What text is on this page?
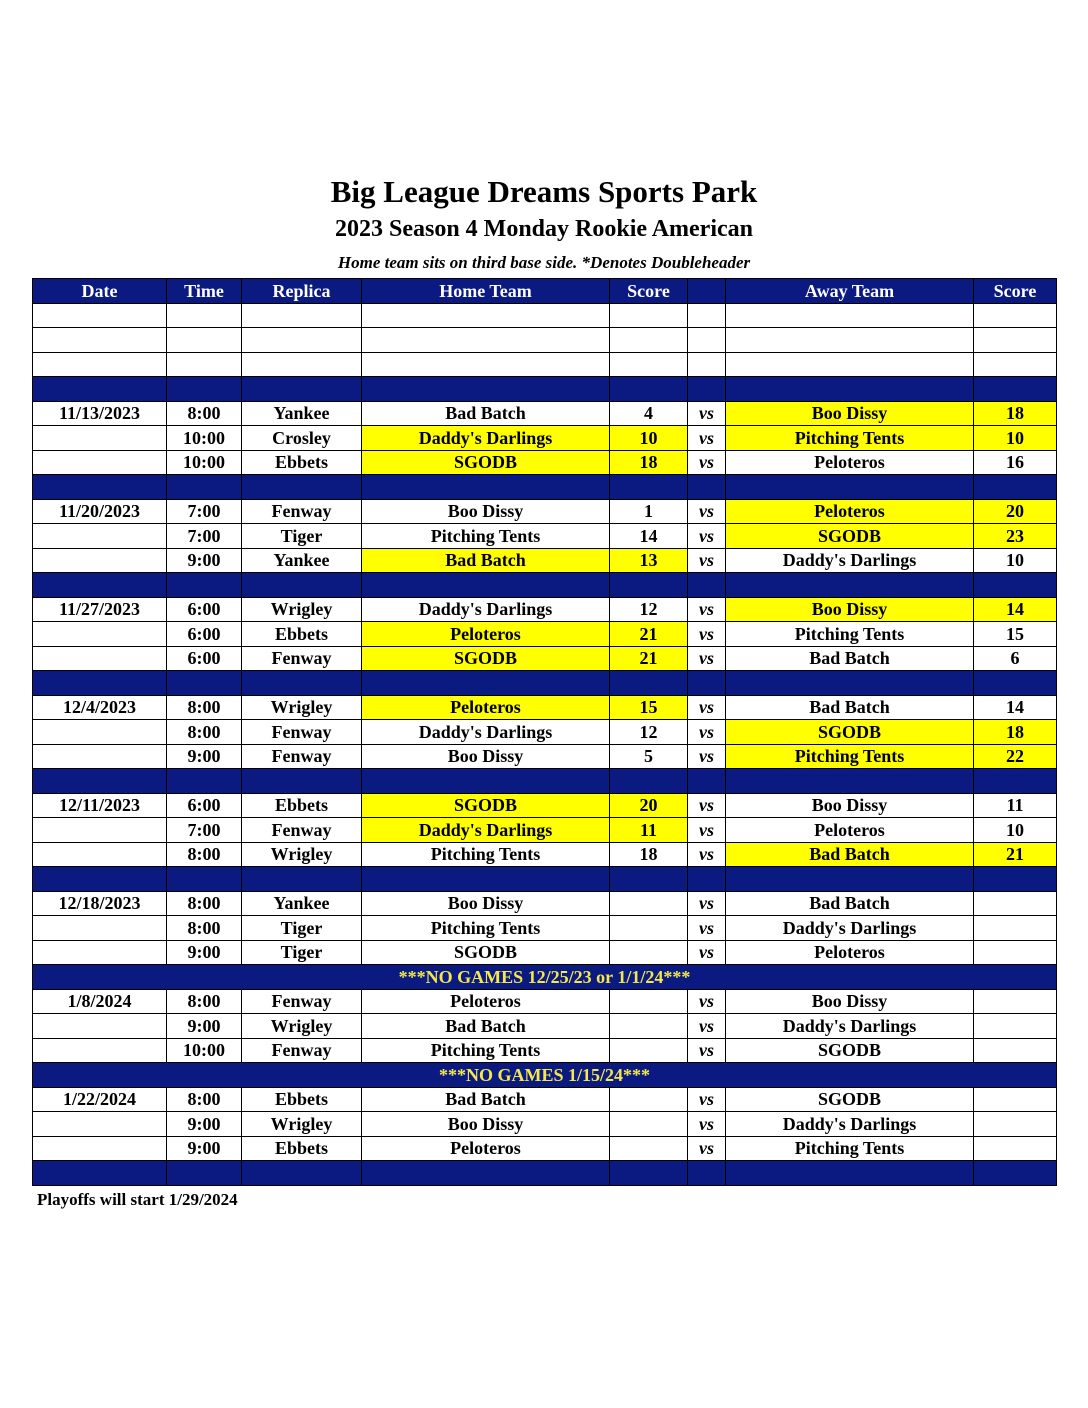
Big League Dreams Sports Park
2023 Season 4 Monday Rookie American
Home team sits on third base side. *Denotes Doubleheader
Date	Time	Replica	Home Team	Score		Away Team	Score

11/13/2023	8:00	Yankee	Bad Batch	4	vs	Boo Dissy	18
	10:00	Crosley	Daddy's Darlings	10	vs	Pitching Tents	10
	10:00	Ebbets	SGODB	18	vs	Peloteros	16

11/20/2023	7:00	Fenway	Boo Dissy	1	vs	Peloteros	20
	7:00	Tiger	Pitching Tents	14	vs	SGODB	23
	9:00	Yankee	Bad Batch	13	vs	Daddy's Darlings	10

11/27/2023	6:00	Wrigley	Daddy's Darlings	12	vs	Boo Dissy	14
	6:00	Ebbets	Peloteros	21	vs	Pitching Tents	15
	6:00	Fenway	SGODB	21	vs	Bad Batch	6

12/4/2023	8:00	Wrigley	Peloteros	15	vs	Bad Batch	14
	8:00	Fenway	Daddy's Darlings	12	vs	SGODB	18
	9:00	Fenway	Boo Dissy	5	vs	Pitching Tents	22

12/11/2023	6:00	Ebbets	SGODB	20	vs	Boo Dissy	11
	7:00	Fenway	Daddy's Darlings	11	vs	Peloteros	10
	8:00	Wrigley	Pitching Tents	18	vs	Bad Batch	21

12/18/2023	8:00	Yankee	Boo Dissy		vs	Bad Batch	
	8:00	Tiger	Pitching Tents		vs	Daddy's Darlings	
	9:00	Tiger	SGODB		vs	Peloteros	
***NO GAMES 12/25/23 or 1/1/24***							
1/8/2024	8:00	Fenway	Peloteros		vs	Boo Dissy	
	9:00	Wrigley	Bad Batch		vs	Daddy's Darlings	
	10:00	Fenway	Pitching Tents		vs	SGODB	
***NO GAMES 1/15/24***							
1/22/2024	8:00	Ebbets	Bad Batch		vs	SGODB	
	9:00	Wrigley	Boo Dissy		vs	Daddy's Darlings	
	9:00	Ebbets	Peloteros		vs	Pitching Tents	

Playoffs will start 1/29/2024
